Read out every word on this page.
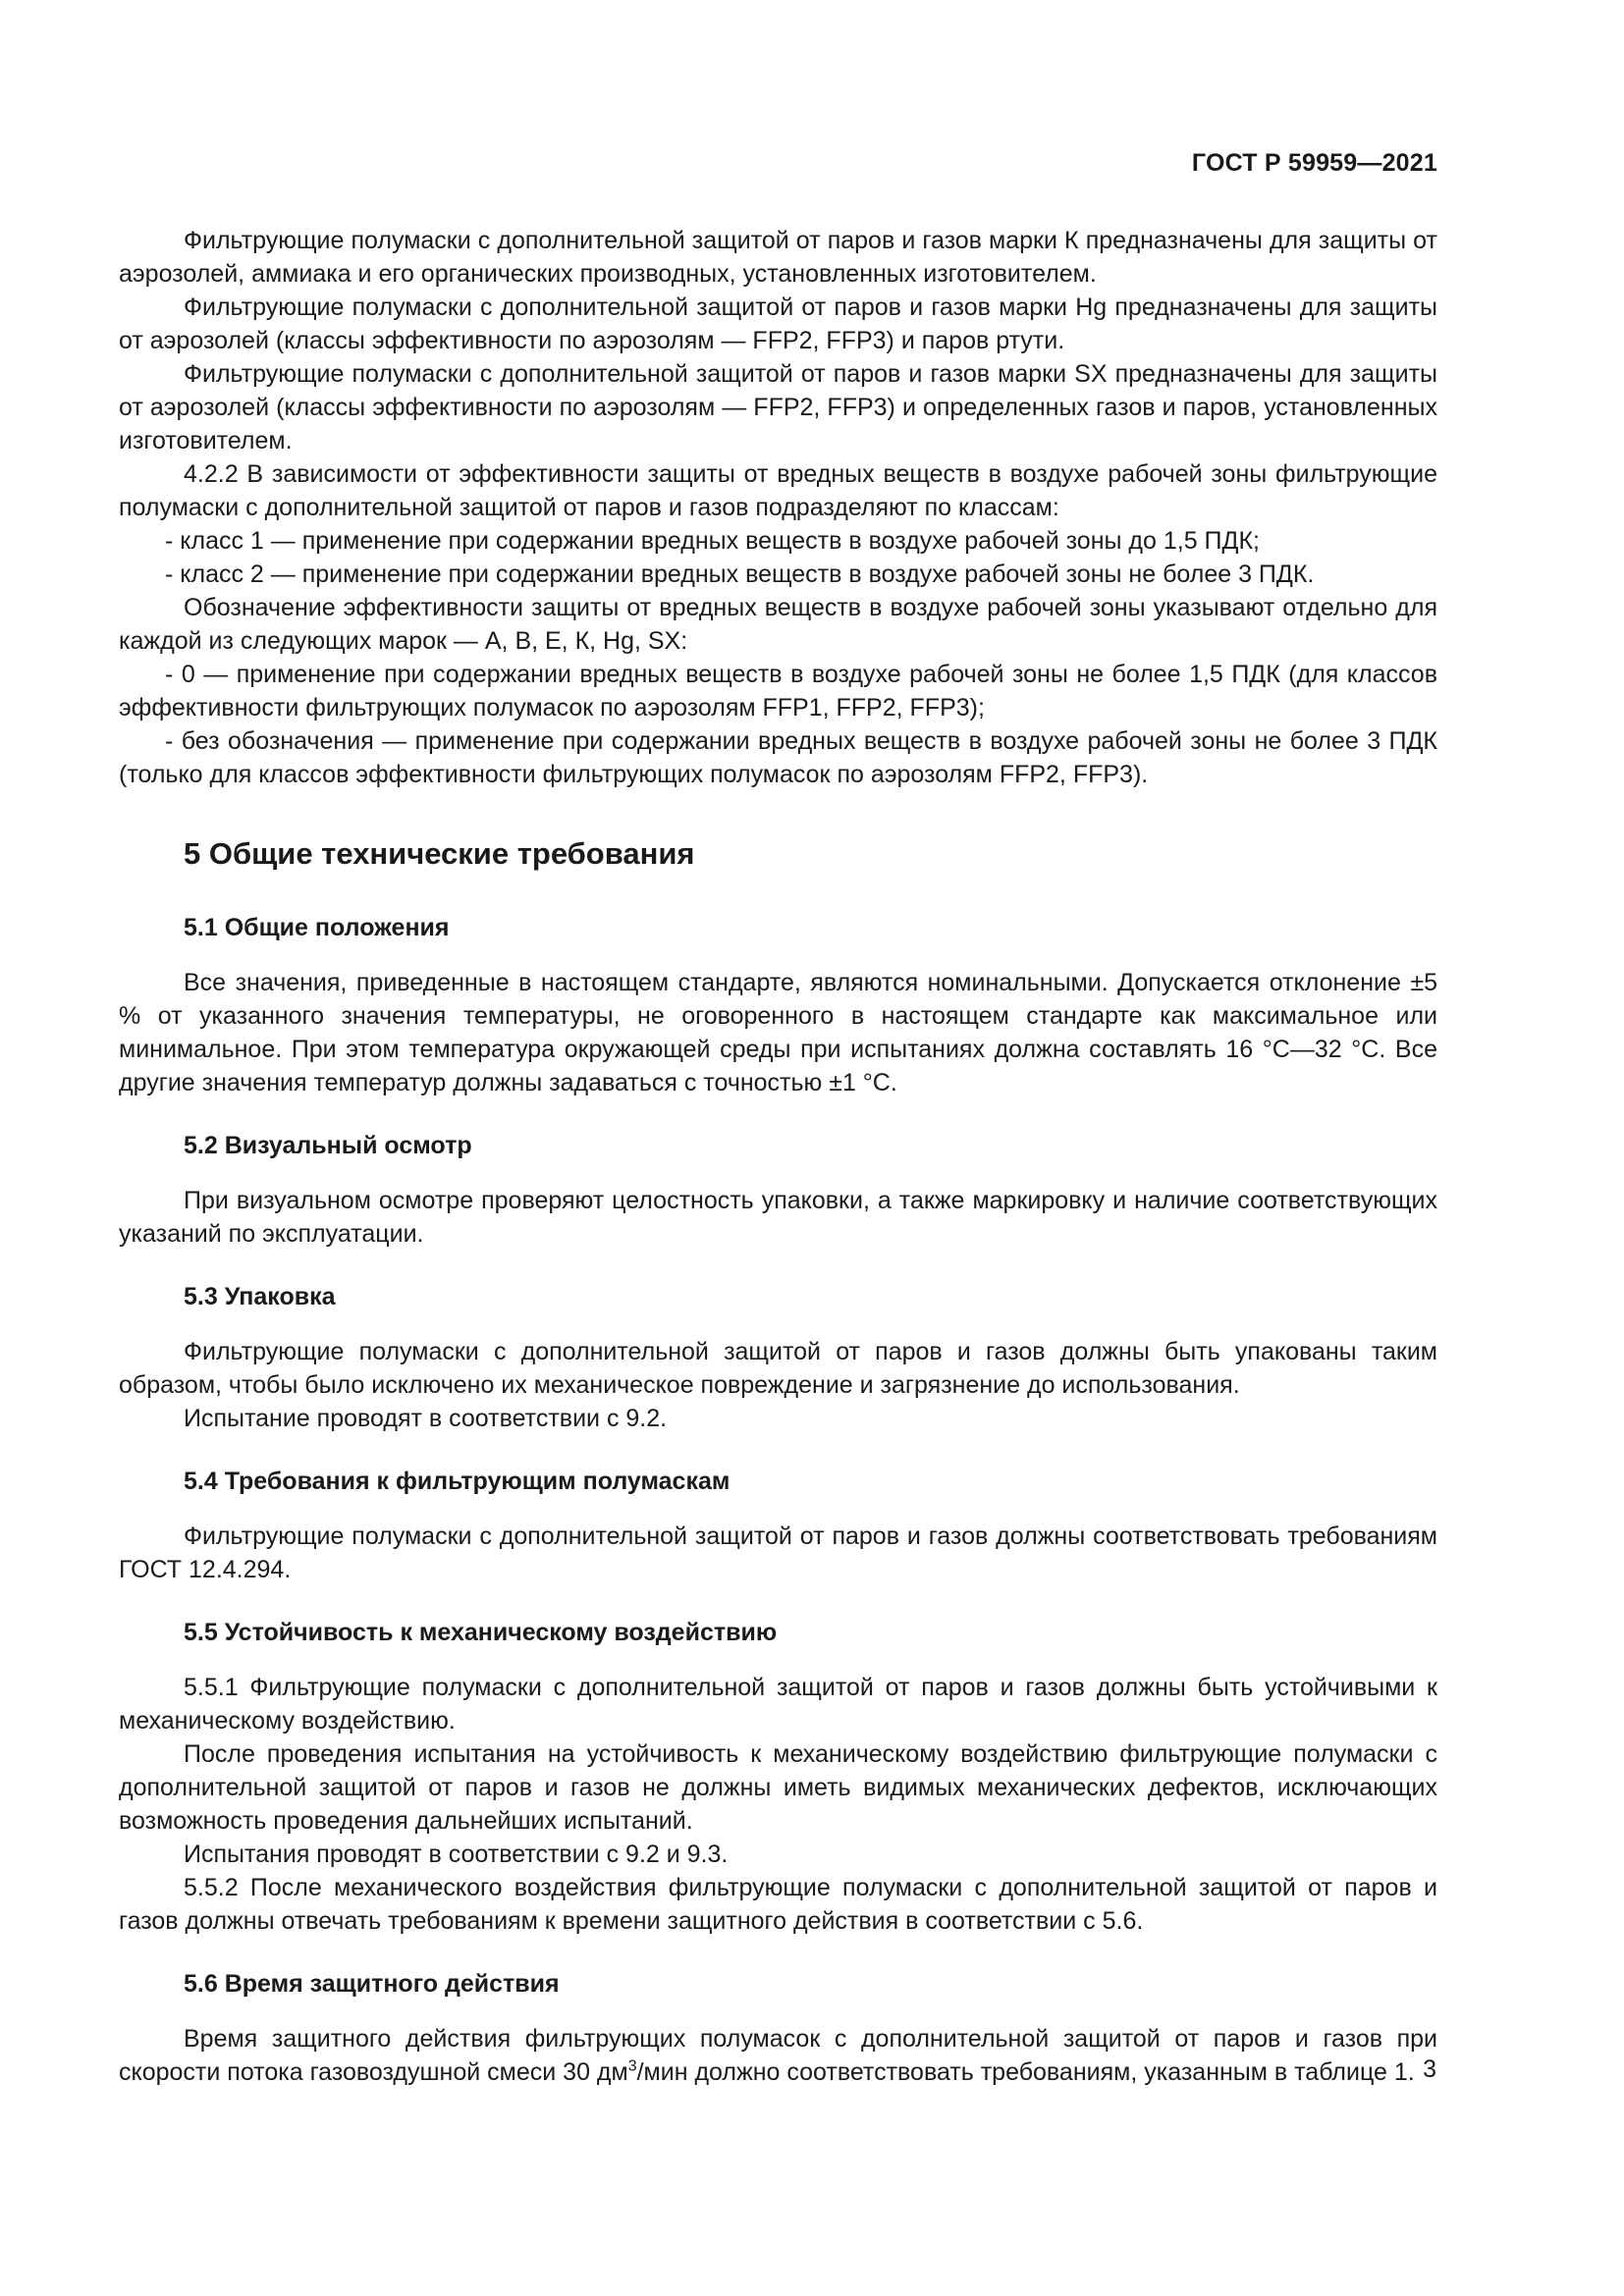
ГОСТ Р 59959—2021

Фильтрующие полумаски с дополнительной защитой от паров и газов марки К предназначены для защиты от аэрозолей, аммиака и его органических производных, установленных изготовителем.

Фильтрующие полумаски с дополнительной защитой от паров и газов марки Hg предназначены для защиты от аэрозолей (классы эффективности по аэрозолям — FFP2, FFP3) и паров ртути.

Фильтрующие полумаски с дополнительной защитой от паров и газов марки SX предназначены для защиты от аэрозолей (классы эффективности по аэрозолям — FFP2, FFP3) и определенных газов и паров, установленных изготовителем.

4.2.2 В зависимости от эффективности защиты от вредных веществ в воздухе рабочей зоны фильтрующие полумаски с дополнительной защитой от паров и газов подразделяют по классам:

- класс 1 — применение при содержании вредных веществ в воздухе рабочей зоны до 1,5 ПДК;

- класс 2 — применение при содержании вредных веществ в воздухе рабочей зоны не более 3 ПДК.

Обозначение эффективности защиты от вредных веществ в воздухе рабочей зоны указывают отдельно для каждой из следующих марок — А, В, Е, К, Hg, SX:

- 0 — применение при содержании вредных веществ в воздухе рабочей зоны не более 1,5 ПДК (для классов эффективности фильтрующих полумасок по аэрозолям FFP1, FFP2, FFP3);

- без обозначения — применение при содержании вредных веществ в воздухе рабочей зоны не более 3 ПДК (только для классов эффективности фильтрующих полумасок по аэрозолям FFP2, FFP3).

5 Общие технические требования
5.1 Общие положения

Все значения, приведенные в настоящем стандарте, являются номинальными. Допускается отклонение ±5 % от указанного значения температуры, не оговоренного в настоящем стандарте как максимальное или минимальное. При этом температура окружающей среды при испытаниях должна составлять 16 °С—32 °С. Все другие значения температур должны задаваться с точностью ±1 °С.

5.2 Визуальный осмотр

При визуальном осмотре проверяют целостность упаковки, а также маркировку и наличие соответствующих указаний по эксплуатации.

5.3 Упаковка

Фильтрующие полумаски с дополнительной защитой от паров и газов должны быть упакованы таким образом, чтобы было исключено их механическое повреждение и загрязнение до использования.

Испытание проводят в соответствии с 9.2.

5.4 Требования к фильтрующим полумаскам

Фильтрующие полумаски с дополнительной защитой от паров и газов должны соответствовать требованиям ГОСТ 12.4.294.

5.5 Устойчивость к механическому воздействию

5.5.1 Фильтрующие полумаски с дополнительной защитой от паров и газов должны быть устойчивыми к механическому воздействию.

После проведения испытания на устойчивость к механическому воздействию фильтрующие полумаски с дополнительной защитой от паров и газов не должны иметь видимых механических дефектов, исключающих возможность проведения дальнейших испытаний.

Испытания проводят в соответствии с 9.2 и 9.3.

5.5.2 После механического воздействия фильтрующие полумаски с дополнительной защитой от паров и газов должны отвечать требованиям к времени защитного действия в соответствии с 5.6.

5.6 Время защитного действия

Время защитного действия фильтрующих полумасок с дополнительной защитой от паров и газов при скорости потока газовоздушной смеси 30 $дм^3$/мин должно соответствовать требованиям, указанным в таблице 1. 3
